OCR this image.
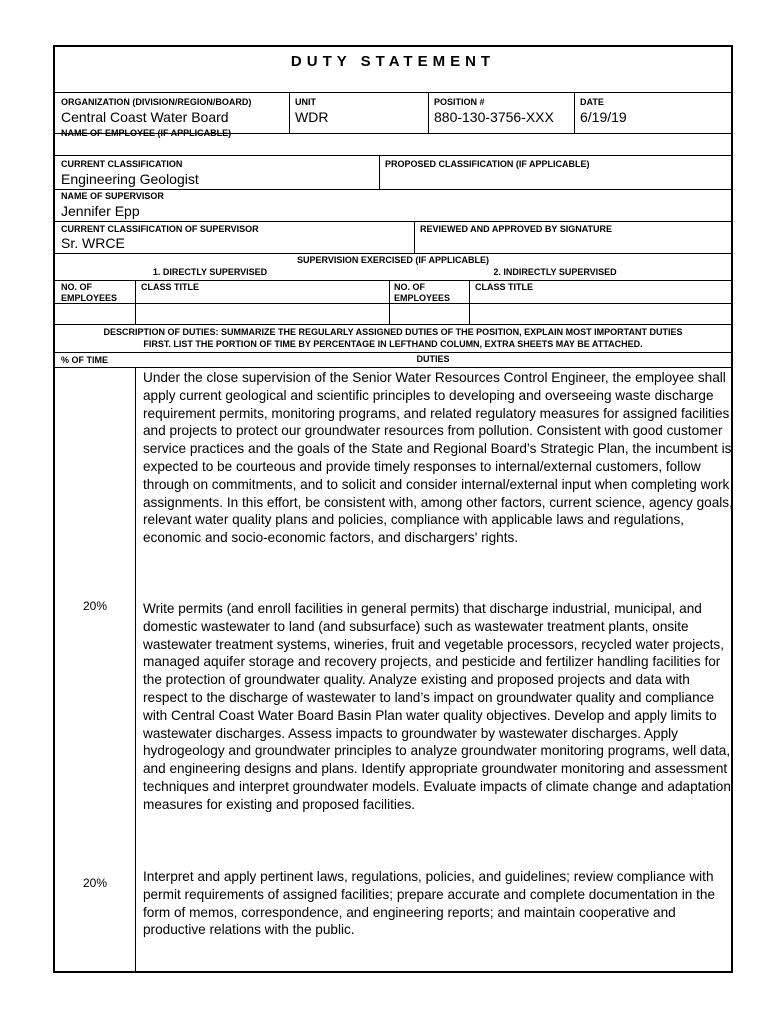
DUTY STATEMENT
ORGANIZATION (DIVISION/REGION/BOARD)
Central Coast Water Board
UNIT
WDR
POSITION #
880-130-3756-XXX
DATE
6/19/19
NAME OF EMPLOYEE (IF APPLICABLE)
CURRENT CLASSIFICATION
Engineering Geologist
PROPOSED CLASSIFICATION (IF APPLICABLE)
NAME OF SUPERVISOR
Jennifer Epp
CURRENT CLASSIFICATION OF SUPERVISOR
Sr. WRCE
REVIEWED AND APPROVED BY SIGNATURE
SUPERVISION EXERCISED (IF APPLICABLE)
1. DIRECTLY SUPERVISED	2. INDIRECTLY SUPERVISED
NO. OF
EMPLOYEES
CLASS TITLE	NO. OF
EMPLOYEES
CLASS TITLE
DESCRIPTION OF DUTIES: SUMMARIZE THE REGULARLY ASSIGNED DUTIES OF THE POSITION, EXPLAIN MOST IMPORTANT DUTIES
FIRST. LIST THE PORTION OF TIME BY PERCENTAGE IN LEFTHAND COLUMN, EXTRA SHEETS MAY BE ATTACHED.
% OF TIME	DUTIES

Under the close supervision of the Senior Water Resources Control Engineer, the employee shall apply current geological and scientific principles to developing and overseeing waste discharge requirement permits, monitoring programs, and related regulatory measures for assigned facilities and projects to protect our groundwater resources from pollution. Consistent with good customer service practices and the goals of the State and Regional Board’s Strategic Plan, the incumbent is expected to be courteous and provide timely responses to internal/external customers, follow through on commitments, and to solicit and consider internal/external input when completing work assignments. In this effort, be consistent with, among other factors, current science, agency goals, relevant water quality plans and policies, compliance with applicable laws and regulations, economic and socio-economic factors, and dischargers' rights.

20%	Write permits (and enroll facilities in general permits) that discharge industrial, municipal, and domestic wastewater to land (and subsurface) such as wastewater treatment plants, onsite wastewater treatment systems, wineries, fruit and vegetable processors, recycled water projects, managed aquifer storage and recovery projects, and pesticide and fertilizer handling facilities for the protection of groundwater quality. Analyze existing and proposed projects and data with respect to the discharge of wastewater to land’s impact on groundwater quality and compliance with Central Coast Water Board Basin Plan water quality objectives. Develop and apply limits to wastewater discharges. Assess impacts to groundwater by wastewater discharges. Apply hydrogeology and groundwater principles to analyze groundwater monitoring programs, well data, and engineering designs and plans. Identify appropriate groundwater monitoring and assessment techniques and interpret groundwater models. Evaluate impacts of climate change and adaptation measures for existing and proposed facilities.

20%	Interpret and apply pertinent laws, regulations, policies, and guidelines; review compliance with permit requirements of assigned facilities; prepare accurate and complete documentation in the form of memos, correspondence, and engineering reports; and maintain cooperative and productive relations with the public.
